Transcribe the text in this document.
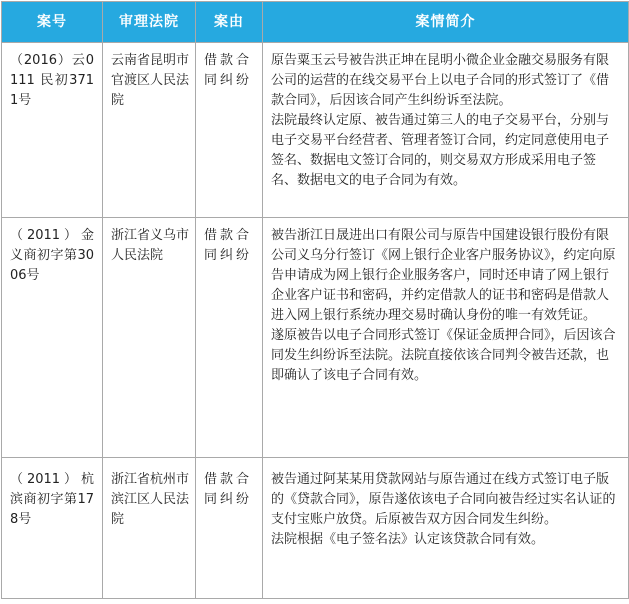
案号	审理法院	案由	案情简介

（2016）云0111 民初3711号	云南省昆明市官渡区人民法院	借款合同纠纷	原告粟玉云号被告洪正坤在昆明小微企业金融交易服务有限公司的运营的在线交易平台上以电子合同的形式签订了《借款合同》，后因该合同产生纠纷诉至法院。

法院最终认定原、被告通过第三人的电子交易平台，分别与电子交易平台经营者、管理者签订合同，约定同意使用电子签名、数据电文签订合同的，则交易双方形成采用电子签名、数据电文的电子合同为有效。

（2011）金义商初字第3006号	浙江省义乌市人民法院	借款合同纠纷	被告浙江日晟进出口有限公司与原告中国建设银行股份有限公司义乌分行签订《网上银行企业客户服务协议》，约定向原告申请成为网上银行企业服务客户，同时还申请了网上银行企业客户证书和密码，并约定借款人的证书和密码是借款人进入网上银行系统办理交易时确认身份的唯一有效凭证。

遂原被告以电子合同形式签订《保证金质押合同》，后因该合同发生纠纷诉至法院。法院直接依该合同判令被告还款，也即确认了该电子合同有效。

（2011）杭滨商初字第178号	浙江省杭州市滨江区人民法院	借款合同纠纷	被告通过阿某某用贷款网站与原告通过在线方式签订电子版的《贷款合同》，原告遂依该电子合同向被告经过实名认证的支付宝账户放贷。后原被告双方因合同发生纠纷。

法院根据《电子签名法》认定该贷款合同有效。
